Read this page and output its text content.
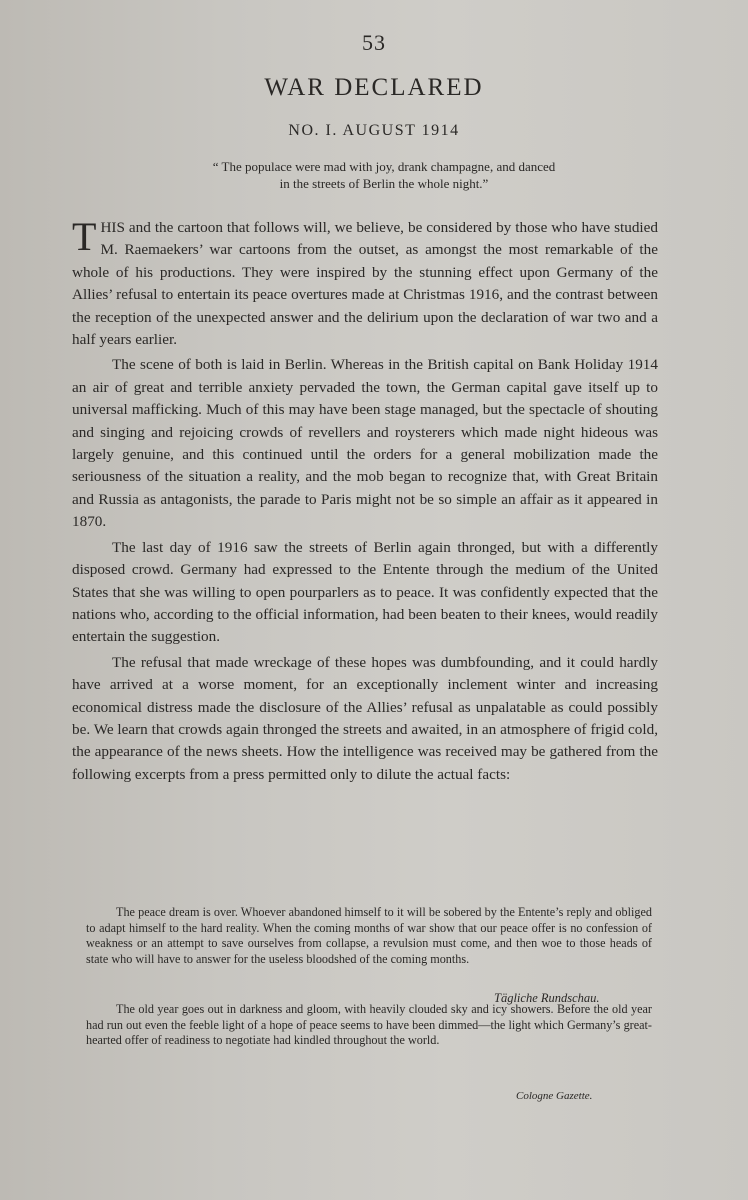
53
WAR DECLARED
NO. I. AUGUST 1914
“ The populace were mad with joy, drank champagne, and danced
in the streets of Berlin the whole night.”

THIS and the cartoon that follows will, we believe, be considered by those who have studied M. Raemaekers’ war cartoons from the outset, as amongst the most remarkable of the whole of his productions. They were inspired by the stunning effect upon Germany of the Allies’ refusal to entertain its peace overtures made at Christmas 1916, and the contrast between the reception of the unexpected answer and the delirium upon the declaration of war two and a half years earlier.

The scene of both is laid in Berlin. Whereas in the British capital on Bank Holiday 1914 an air of great and terrible anxiety pervaded the town, the German capital gave itself up to universal mafficking. Much of this may have been stage managed, but the spectacle of shouting and singing and rejoicing crowds of revellers and roysterers which made night hideous was largely genuine, and this continued until the orders for a general mobilization made the seriousness of the situation a reality, and the mob began to recognize that, with Great Britain and Russia as antagonists, the parade to Paris might not be so simple an affair as it appeared in 1870.

The last day of 1916 saw the streets of Berlin again thronged, but with a differently disposed crowd. Germany had expressed to the Entente through the medium of the United States that she was willing to open pourparlers as to peace. It was confidently expected that the nations who, according to the official information, had been beaten to their knees, would readily entertain the suggestion.

The refusal that made wreckage of these hopes was dumbfounding, and it could hardly have arrived at a worse moment, for an exceptionally inclement winter and increasing economical distress made the disclosure of the Allies’ refusal as unpalatable as could possibly be. We learn that crowds again thronged the streets and awaited, in an atmosphere of frigid cold, the appearance of the news sheets. How the intelligence was received may be gathered from the following excerpts from a press permitted only to dilute the actual facts:

The peace dream is over. Whoever abandoned himself to it will be sobered by the Entente’s reply and obliged to adapt himself to the hard reality. When the coming months of war show that our peace offer is no confession of weakness or an attempt to save ourselves from collapse, a revulsion must come, and then woe to those heads of state who will have to answer for the useless bloodshed of the coming months.

Tägliche Rundschau.

The old year goes out in darkness and gloom, with heavily clouded sky and icy showers. Before the old year had run out even the feeble light of a hope of peace seems to have been dimmed—the light which Germany’s great-hearted offer of readiness to negotiate had kindled throughout the world.

Cologne Gazette.
